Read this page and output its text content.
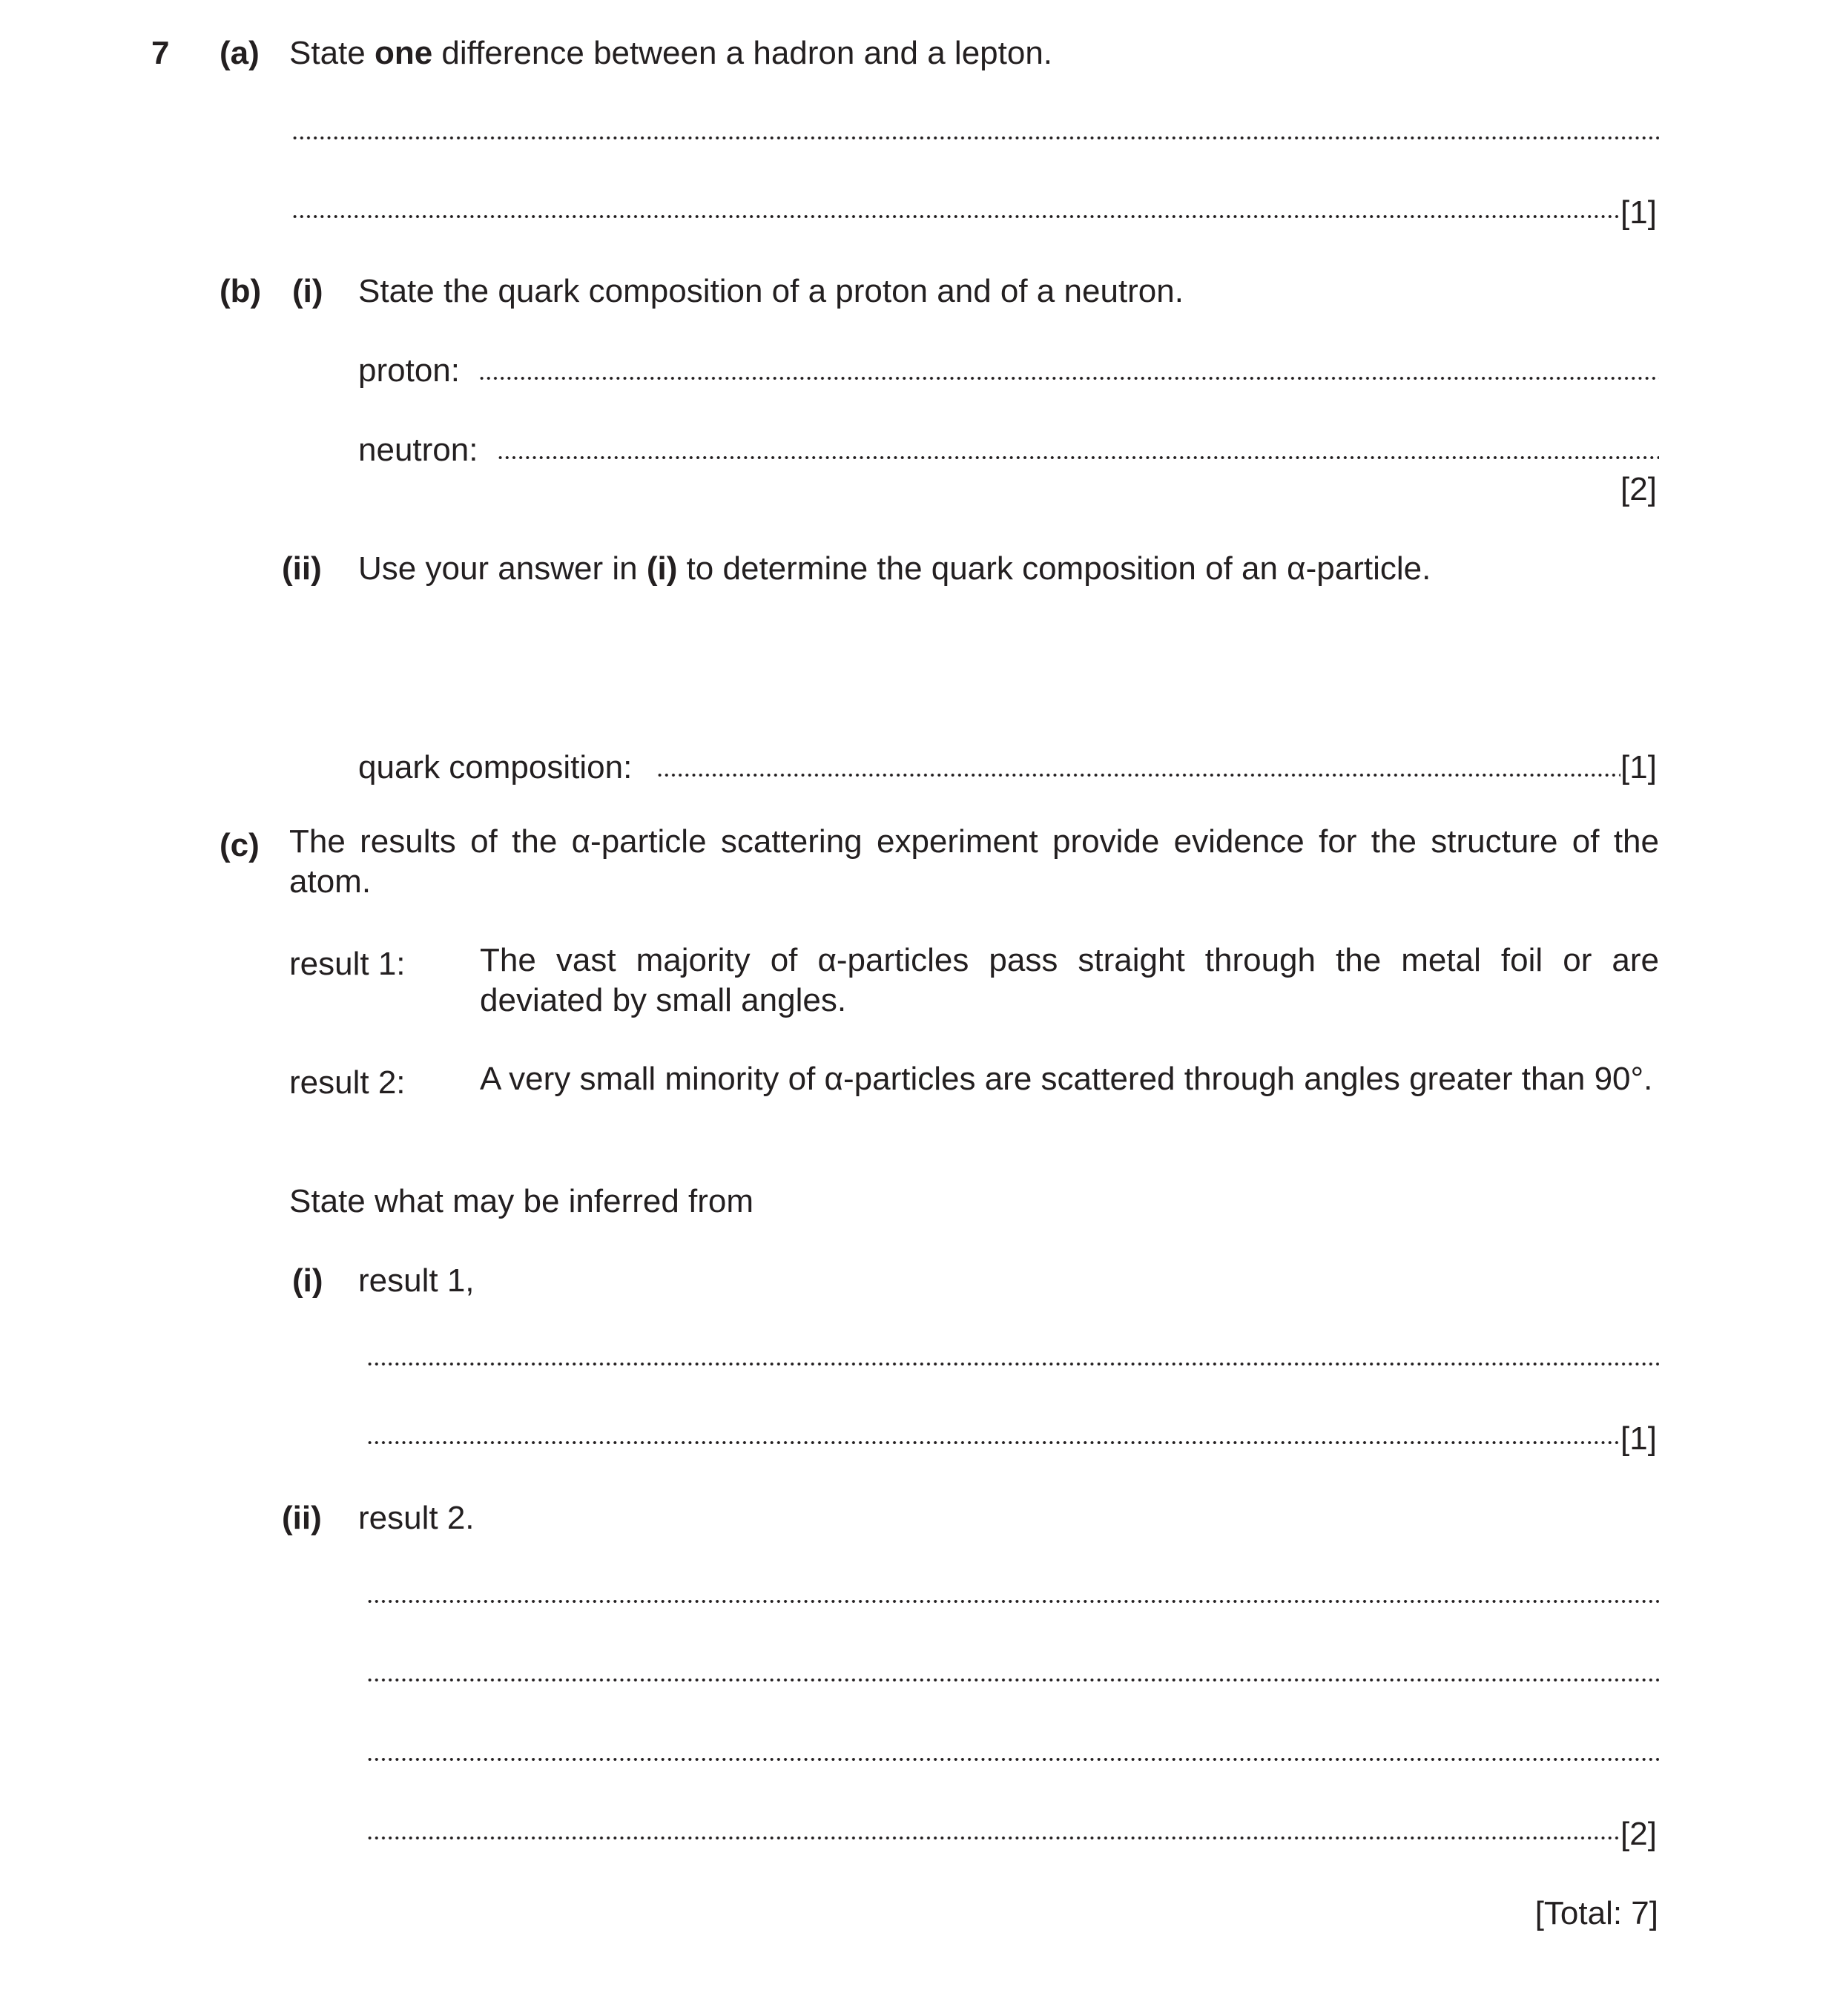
7 (a) State one difference between a hadron and a lepton.
[1]
(b) (i) State the quark composition of a proton and of a neutron.
proton:
neutron:
[2]
(ii) Use your answer in (i) to determine the quark composition of an α-particle.
quark composition:	[1]
(c) The results of the α-particle scattering experiment provide evidence for the structure of the atom.
result 1: The vast majority of α-particles pass straight through the metal foil or are deviated by small angles.
result 2: A very small minority of α-particles are scattered through angles greater than 90°.
State what may be inferred from
(i) result 1,
[1]
(ii) result 2.
[2]
[Total: 7]
